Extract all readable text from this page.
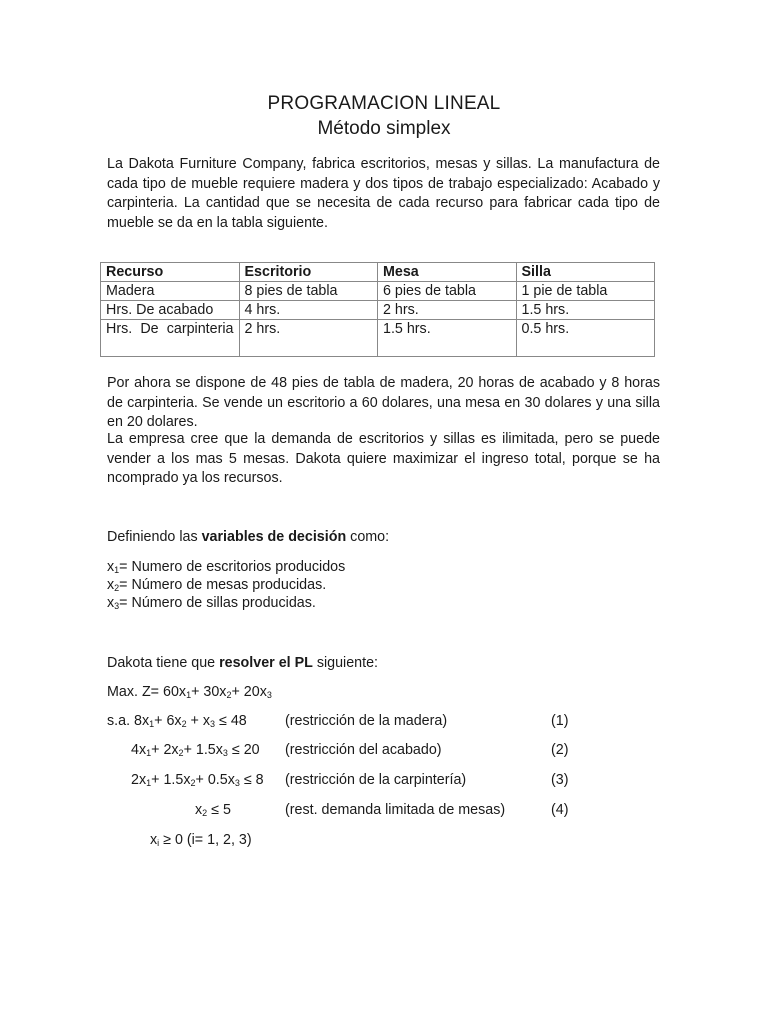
PROGRAMACION LINEAL
Método simplex
La Dakota Furniture Company, fabrica escritorios, mesas y sillas. La manufactura de cada tipo de mueble requiere madera y dos tipos de trabajo especializado: Acabado y carpinteria. La cantidad que se necesita de cada recurso para fabricar cada tipo de mueble se da en la tabla siguiente.
Recurso	Escritorio	Mesa	Silla
Madera	8 pies de tabla	6 pies de tabla	1 pie de tabla
Hrs. De acabado	4 hrs.	2 hrs.	1.5 hrs.
Hrs. De carpinteria	2 hrs.	1.5 hrs.	0.5 hrs.
Por ahora se dispone de 48 pies de tabla de madera, 20 horas de acabado y 8 horas de carpinteria. Se vende un escritorio a 60 dolares, una mesa en 30 dolares y una silla en 20 dolares.
La empresa cree que la demanda de escritorios y sillas es ilimitada, pero se puede vender a los mas 5 mesas. Dakota quiere maximizar el ingreso total, porque se ha ncomprado ya los recursos.
Definiendo las variables de decisión como:
$x_1=$ Numero de escritorios producidos
$x_2=$ Número de mesas producidas.
$x_3=$ Número de sillas producidas.
Dakota tiene que resolver el PL siguiente:
Max. $Z= 60x_1+ 30x_2+ 20x_3$
s.a. $8x_1+ 6x_2 + x_3 \le 48$	(restricción de la madera)	(1)
$4x_1+ 2x_2+ 1.5x_3 \le 20$ (restricción del acabado)	(2)
$2x_1+ 1.5x_2+ 0.5x_3 \le 8$ (restricción de la carpintería)	(3)
$x_2 \le 5$	(rest. demanda limitada de mesas)	(4)
$x_i \ge 0$ (i= 1, 2, 3)
